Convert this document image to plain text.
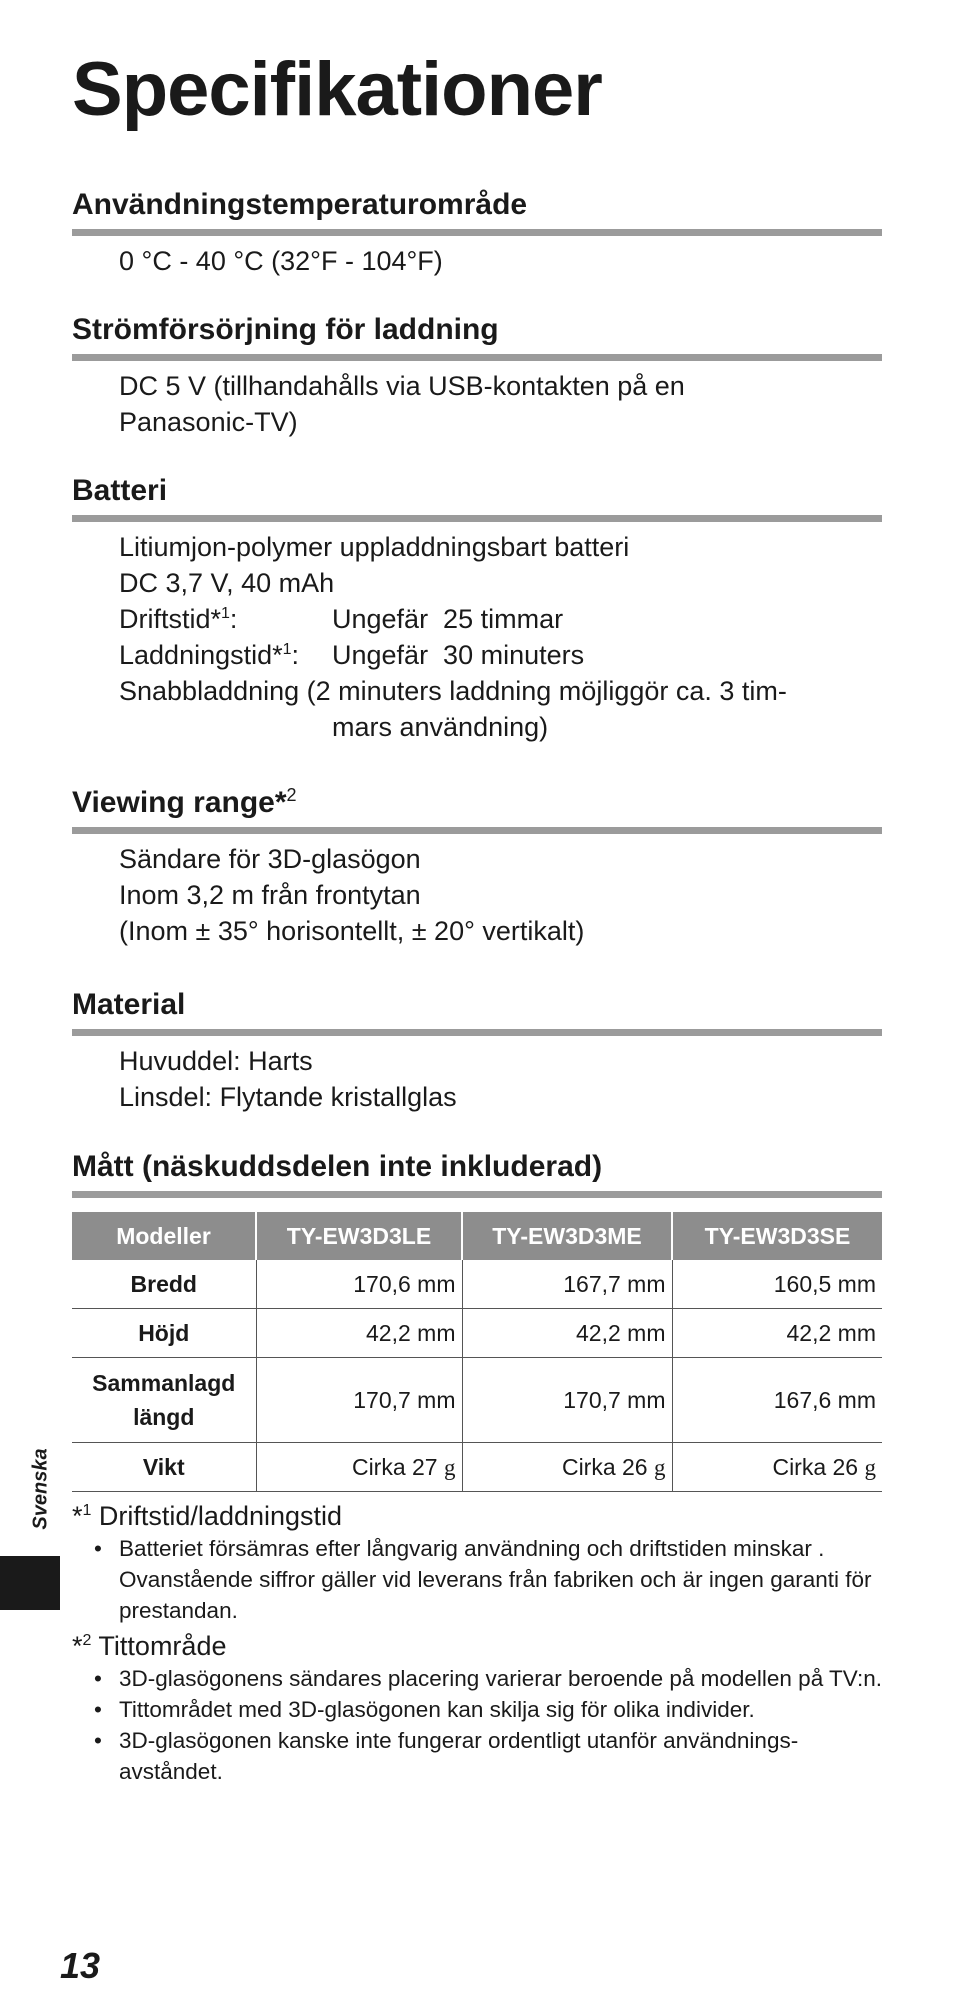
Specifikationer
Användningstemperaturområde

0 °C - 40 °C (32°F - 104°F)

Strömförsörjning för laddning

DC 5 V (tillhandahålls via USB-kontakten på en

Panasonic-TV)

Batteri

Litiumjon-polymer uppladdningsbart batteri

DC 3,7 V, 40 mAh

Driftstid*$^1$:	Ungefär  25 timmar
Laddningstid*$^1$:	Ungefär  30 minuters

Snabbladdning (2 minuters laddning möjliggör ca. 3 tim-

mars användning)

Viewing range*$^2$

Sändare för 3D-glasögon

Inom 3,2 m från frontytan

(Inom ± 35° horisontellt, ± 20° vertikalt)

Material

Huvuddel: Harts

Linsdel: Flytande kristallglas

Mått (näskuddsdelen inte inkluderad)
Modeller	TY-EW3D3LE	TY-EW3D3ME	TY-EW3D3SE
Bredd	170,6 mm	167,7 mm	160,5 mm
Höjd	42,2 mm	42,2 mm	42,2 mm
Sammanlagd
längd	170,7 mm	170,7 mm	167,6 mm
Vikt	Cirka 27 g	Cirka 26 g	Cirka 26 g

*$^1$ Driftstid/laddningstid

• Batteriet försämras efter långvarig användning och driftstiden minskar . Ovanstående siffror gäller vid leverans från fabriken och är ingen garanti för prestandan.

*$^2$ Tittområde

• 3D-glasögonens sändares placering varierar beroende på modellen på TV:n.
• Tittområdet med 3D-glasögonen kan skilja sig för olika individer.
• 3D-glasögonen kanske inte fungerar ordentligt utanför användnings-avståndet.
Svenska
13
